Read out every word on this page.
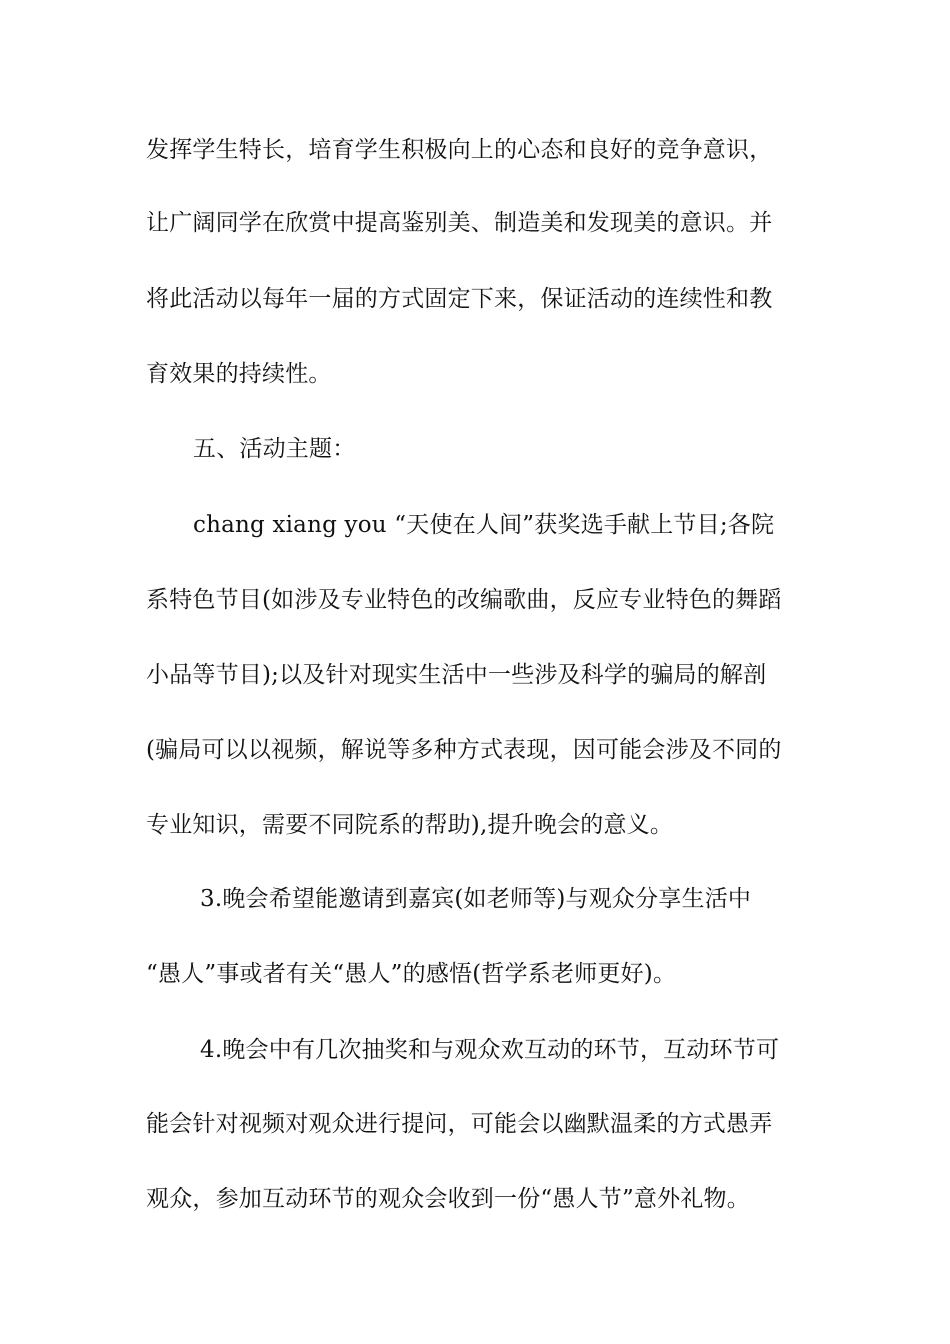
发挥学生特长，培育学生积极向上的心态和良好的竞争意识，
让广阔同学在欣赏中提高鉴别美、制造美和发现美的意识。并
将此活动以每年一届的方式固定下来，保证活动的连续性和教
育效果的持续性。
五、活动主题：
chang xiang you “天使在人间”获奖选手献上节目;各院
系特色节目(如涉及专业特色的改编歌曲，反应专业特色的舞蹈
小品等节目);以及针对现实生活中一些涉及科学的骗局的解剖
(骗局可以以视频，解说等多种方式表现，因可能会涉及不同的
专业知识，需要不同院系的帮助),提升晚会的意义。
3.晚会希望能邀请到嘉宾(如老师等)与观众分享生活中
“愚人”事或者有关“愚人”的感悟(哲学系老师更好)。
4.晚会中有几次抽奖和与观众欢互动的环节，互动环节可
能会针对视频对观众进行提问，可能会以幽默温柔的方式愚弄
观众，参加互动环节的观众会收到一份“愚人节”意外礼物。
